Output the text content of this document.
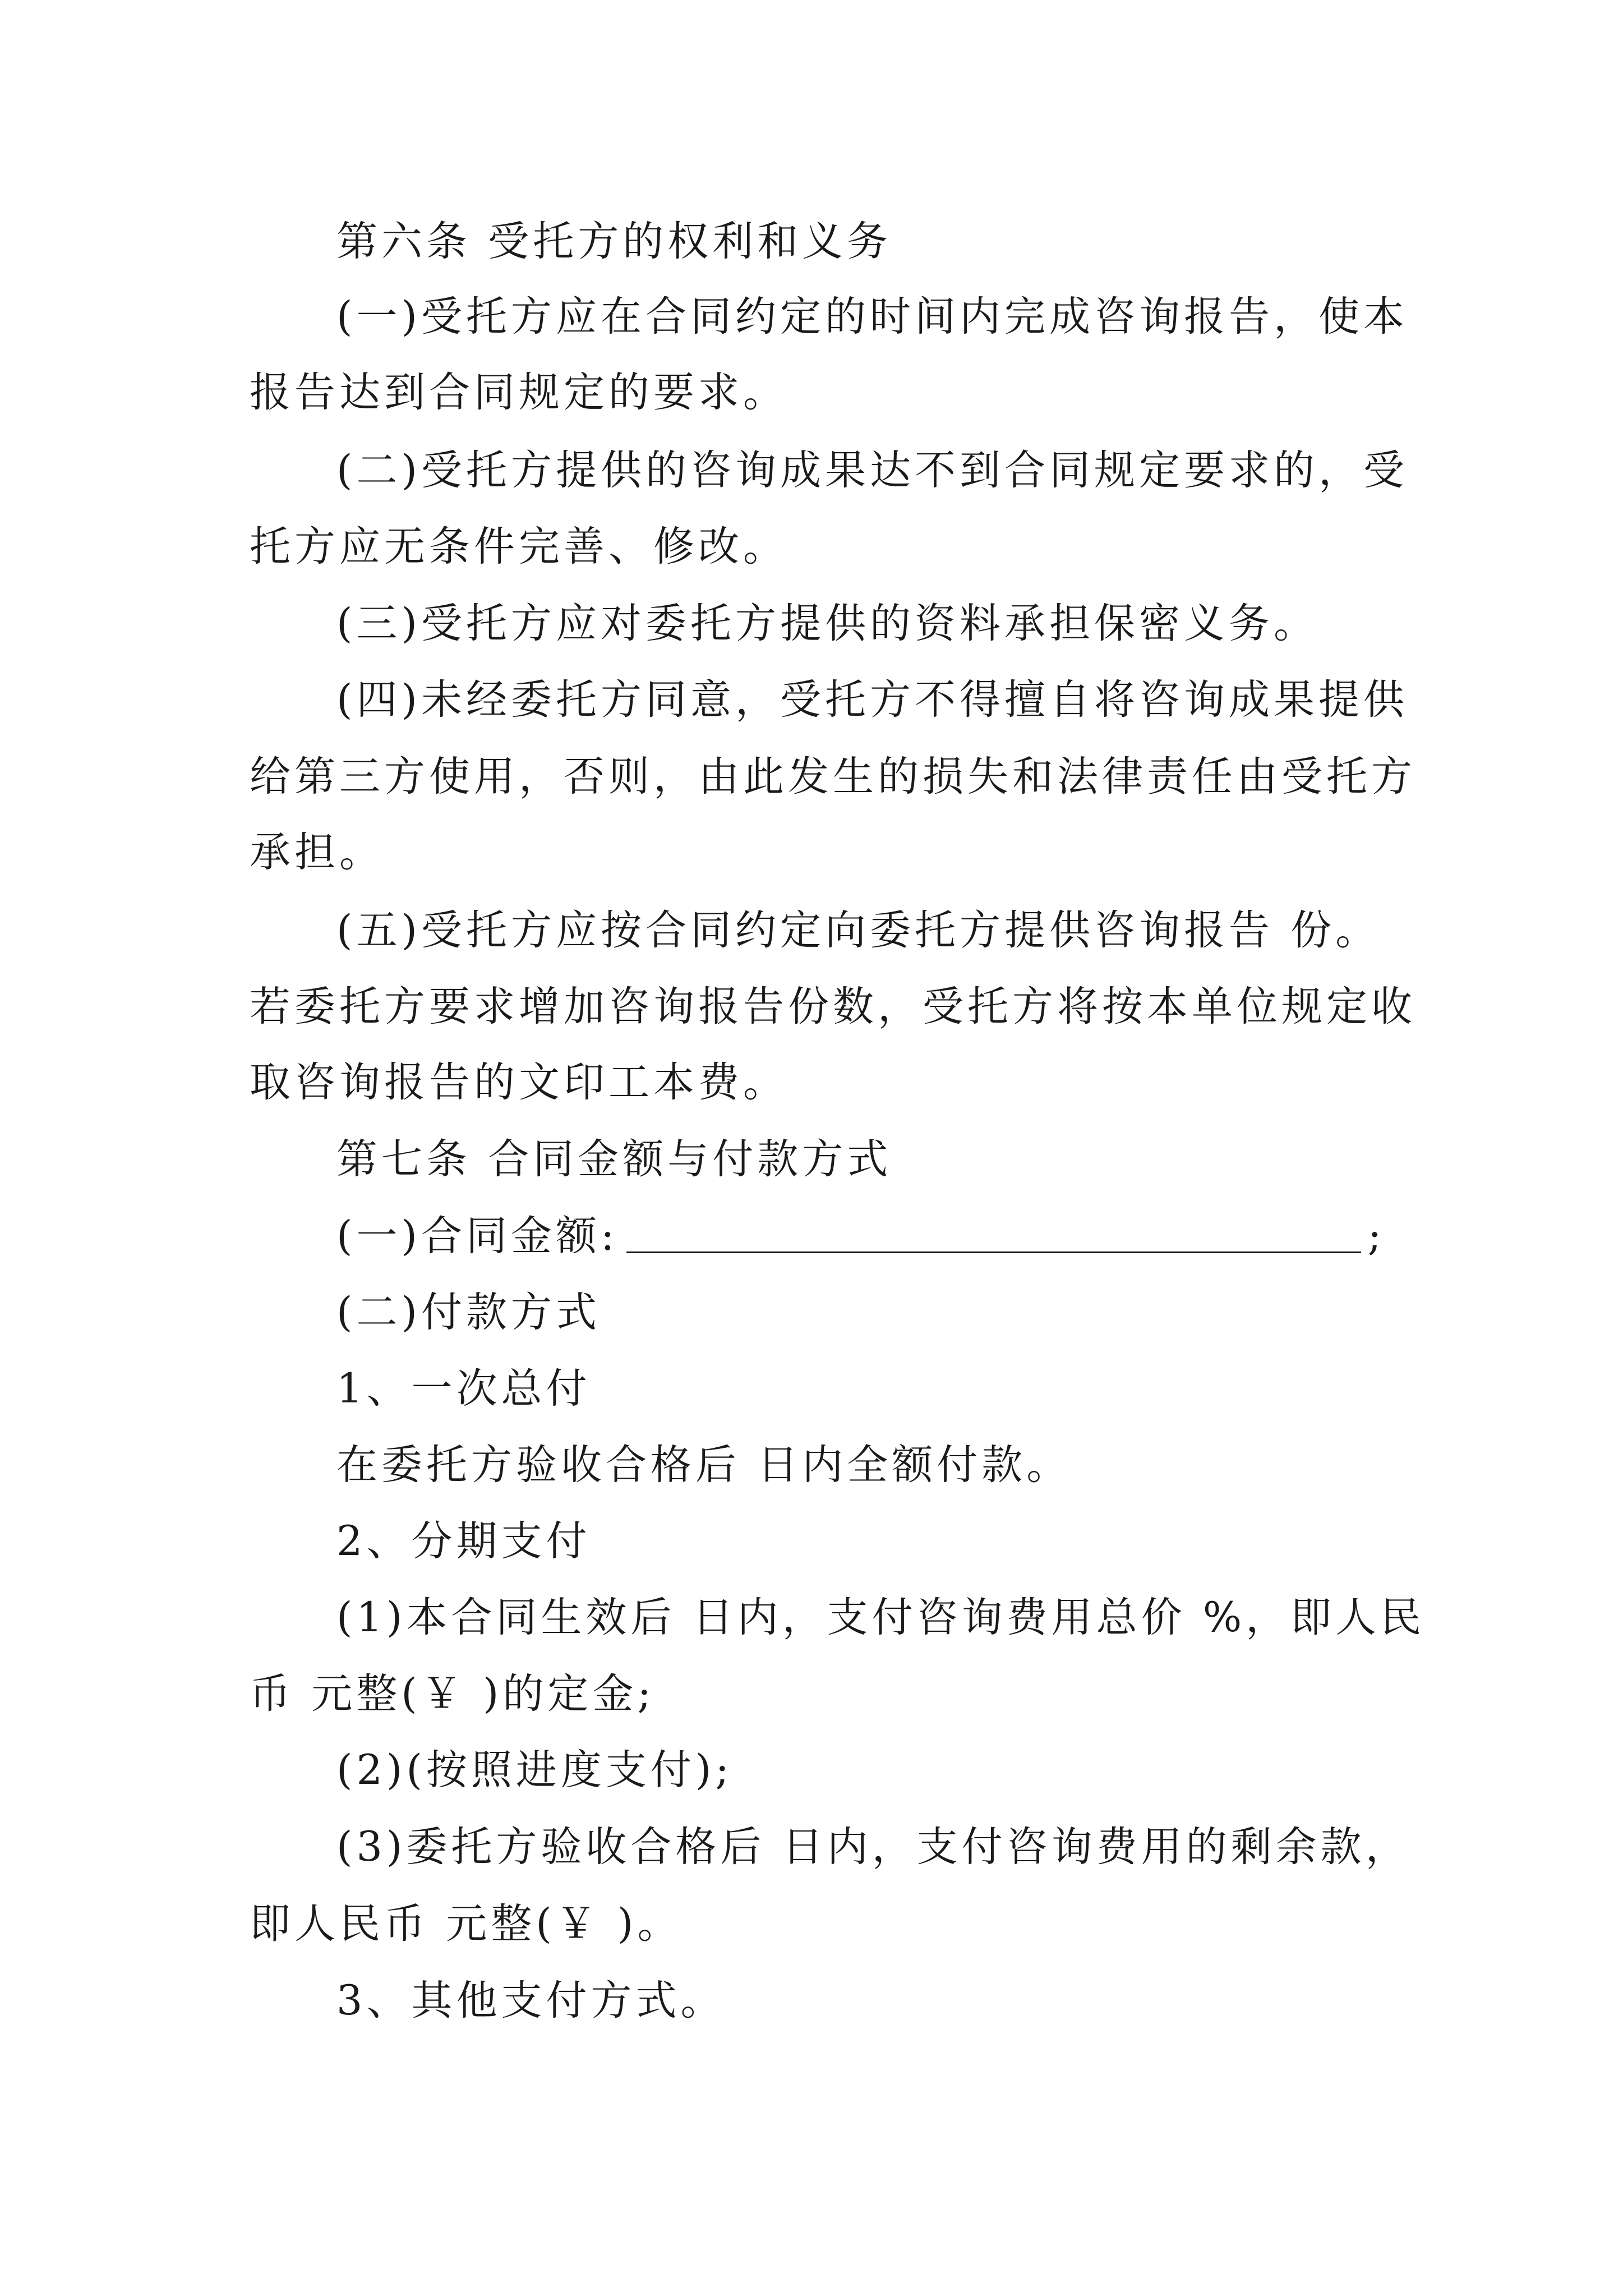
第六条 受托方的权利和义务
(一)受托方应在合同约定的时间内完成咨询报告，使本
报告达到合同规定的要求。
(二)受托方提供的咨询成果达不到合同规定要求的，受
托方应无条件完善、修改。
(三)受托方应对委托方提供的资料承担保密义务。
(四)未经委托方同意，受托方不得擅自将咨询成果提供
给第三方使用，否则，由此发生的损失和法律责任由受托方
承担。
(五)受托方应按合同约定向委托方提供咨询报告 份。
若委托方要求增加咨询报告份数，受托方将按本单位规定收
取咨询报告的文印工本费。
第七条 合同金额与付款方式
(一)合同金额:	;
(二)付款方式
1、一次总付
在委托方验收合格后 日内全额付款。
2、分期支付
(1)本合同生效后 日内，支付咨询费用总价 %，即人民
币 元整(￥ )的定金;
(2)(按照进度支付);
(3)委托方验收合格后 日内，支付咨询费用的剩余款，
即人民币 元整(￥ )。
3、其他支付方式。
